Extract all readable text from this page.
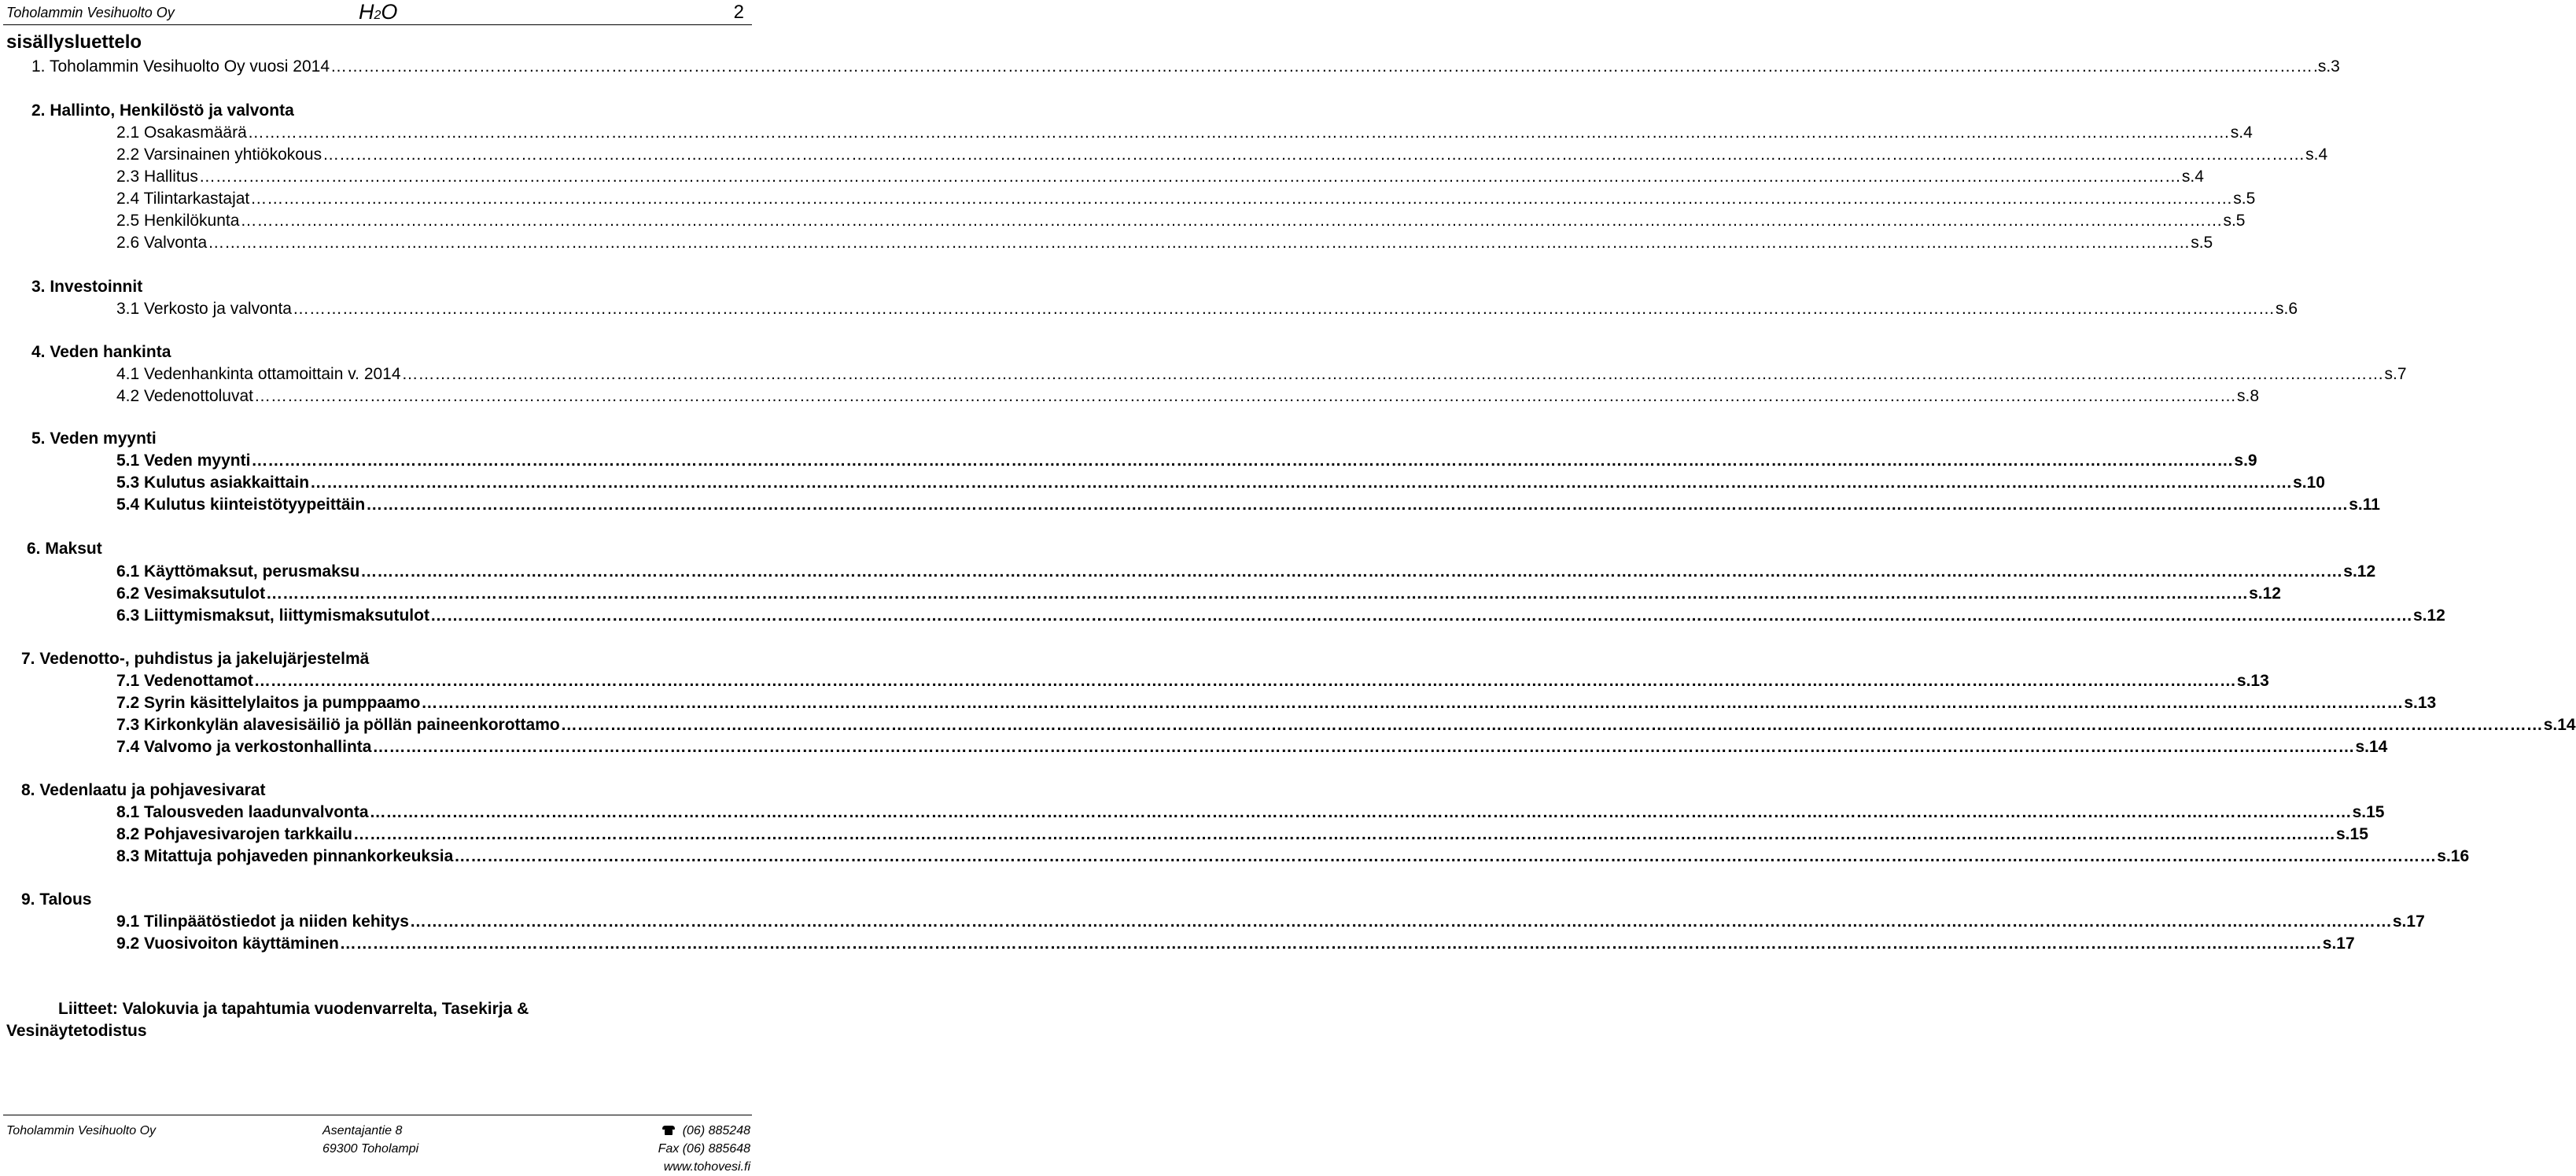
Toholammin Vesihuolto Oy	H2O	2
sisällysluettelo
1. Toholammin Vesihuolto Oy vuosi 2014 ……………………………………………………………………………………………………………………………………………………………………………………………………………………………………………………………………………………………………………………………… .s.3
2. Hallinto, Henkilöstö ja valvonta
2.1 Osakasmäärä ……………………………………………………………………………………………………………………………………………………………………………………………………………………………………………………………………………………………………………………………… s.4
2.2 Varsinainen yhtiökokous ……………………………………………………………………………………………………………………………………………………………………………………………………………………………………………………………………………………………………………………………… s.4
2.3 Hallitus ……………………………………………………………………………………………………………………………………………………………………………………………………………………………………………………………………………………………………………………………… s.4
2.4 Tilintarkastajat ……………………………………………………………………………………………………………………………………………………………………………………………………………………………………………………………………………………………………………………………… s.5
2.5 Henkilökunta ……………………………………………………………………………………………………………………………………………………………………………………………………………………………………………………………………………………………………………………………… s.5
2.6 Valvonta ……………………………………………………………………………………………………………………………………………………………………………………………………………………………………………………………………………………………………………………………… s.5
3. Investoinnit
3.1 Verkosto ja valvonta ……………………………………………………………………………………………………………………………………………………………………………………………………………………………………………………………………………………………………………………………… s.6
4. Veden hankinta
4.1 Vedenhankinta ottamoittain v. 2014 ……………………………………………………………………………………………………………………………………………………………………………………………………………………………………………………………………………………………………………………………… s.7
4.2 Vedenottoluvat ……………………………………………………………………………………………………………………………………………………………………………………………………………………………………………………………………………………………………………………………… s.8
5. Veden myynti
5.1 Veden myynti ……………………………………………………………………………………………………………………………………………………………………………………………………………………………………………………………………………………………………………………………… s.9
5.3 Kulutus asiakkaittain ……………………………………………………………………………………………………………………………………………………………………………………………………………………………………………………………………………………………………………………………… s.10
5.4 Kulutus kiinteistötyypeittäin ……………………………………………………………………………………………………………………………………………………………………………………………………………………………………………………………………………………………………………………………… s.11
6. Maksut
6.1 Käyttömaksut, perusmaksu ……………………………………………………………………………………………………………………………………………………………………………………………………………………………………………………………………………………………………………………………… s.12
6.2 Vesimaksutulot ……………………………………………………………………………………………………………………………………………………………………………………………………………………………………………………………………………………………………………………………… s.12
6.3 Liittymismaksut, liittymismaksutulot ……………………………………………………………………………………………………………………………………………………………………………………………………………………………………………………………………………………………………………………………… s.12
7. Vedenotto-, puhdistus ja jakelujärjestelmä
7.1 Vedenottamot ……………………………………………………………………………………………………………………………………………………………………………………………………………………………………………………………………………………………………………………………… s.13
7.2 Syrin käsittelylaitos ja pumppaamo ……………………………………………………………………………………………………………………………………………………………………………………………………………………………………………………………………………………………………………………………… s.13
7.3 Kirkonkylän alavesisäiliö ja pöllän paineenkorottamo ……………………………………………………………………………………………………………………………………………………………………………………………………………………………………………………………………………………………………………………………… s.14
7.4 Valvomo ja verkostonhallinta ……………………………………………………………………………………………………………………………………………………………………………………………………………………………………………………………………………………………………………………………… s.14
8. Vedenlaatu ja pohjavesivarat
8.1 Talousveden laadunvalvonta ……………………………………………………………………………………………………………………………………………………………………………………………………………………………………………………………………………………………………………………………… s.15
8.2 Pohjavesivarojen tarkkailu ……………………………………………………………………………………………………………………………………………………………………………………………………………………………………………………………………………………………………………………………… s.15
8.3 Mitattuja pohjaveden pinnankorkeuksia ……………………………………………………………………………………………………………………………………………………………………………………………………………………………………………………………………………………………………………………………… s.16
9. Talous
9.1 Tilinpäätöstiedot ja niiden kehitys ……………………………………………………………………………………………………………………………………………………………………………………………………………………………………………………………………………………………………………………………… s.17
9.2 Vuosivoiton käyttäminen ……………………………………………………………………………………………………………………………………………………………………………………………………………………………………………………………………………………………………………………………… s.17
Liitteet: Valokuvia ja tapahtumia vuodenvarrelta, Tasekirja & Vesinäytetodistus
Toholammin Vesihuolto Oy	Asentajantie 8
69300 Toholampi
(06) 885248
Fax (06) 885648
www.tohovesi.fi
